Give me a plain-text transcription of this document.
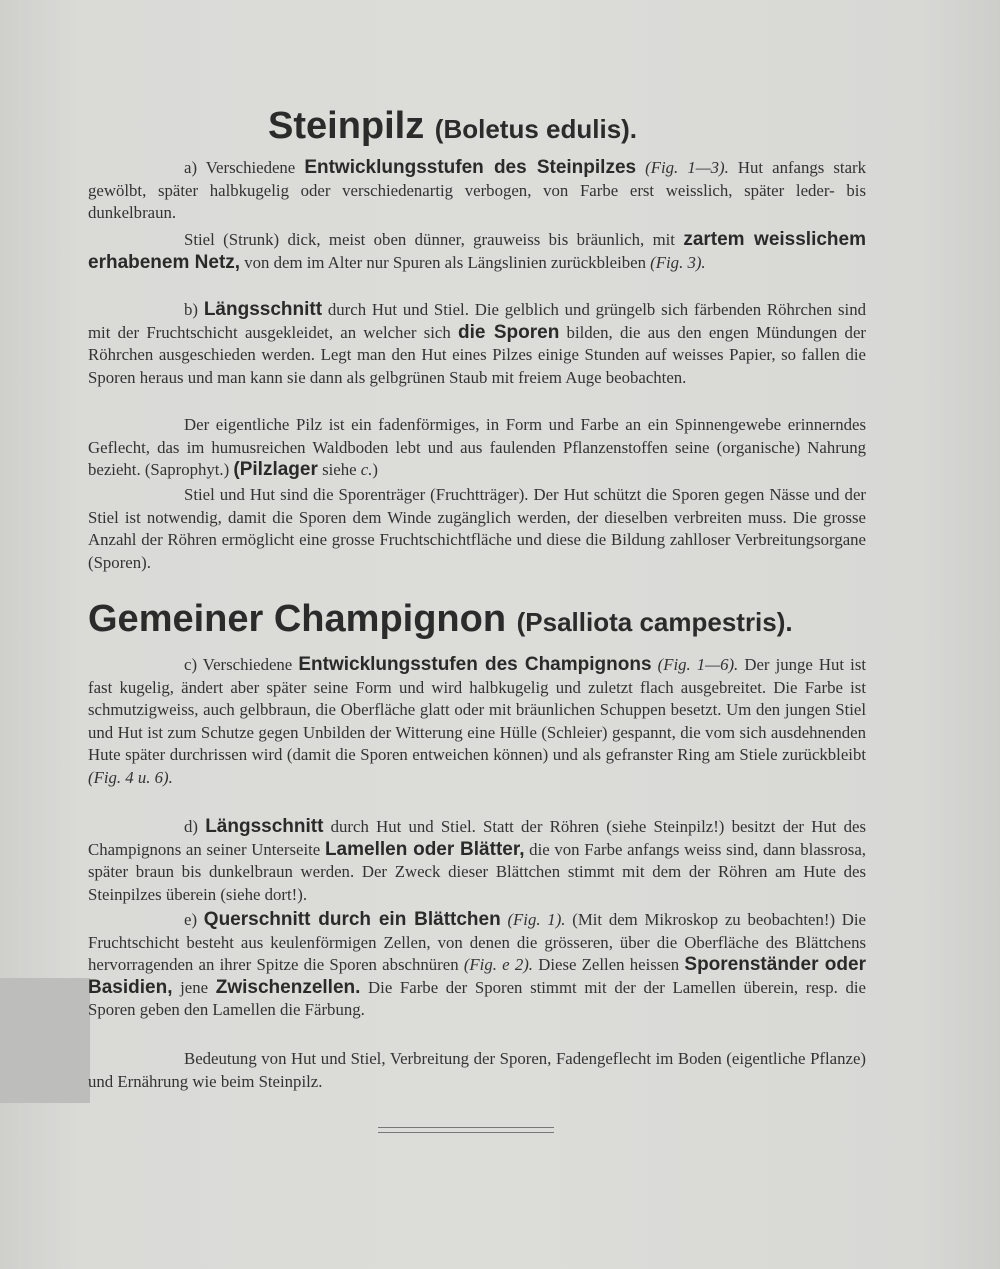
Steinpilz (Boletus edulis).

a) Verschiedene Entwicklungsstufen des Steinpilzes (Fig. 1—3). Hut anfangs stark gewölbt, später halbkugelig oder verschiedenartig verbogen, von Farbe erst weisslich, später leder- bis dunkelbraun.

Stiel (Strunk) dick, meist oben dünner, grauweiss bis bräunlich, mit zartem weisslichem erhabenem Netz, von dem im Alter nur Spuren als Längslinien zurückbleiben (Fig. 3).

b) Längsschnitt durch Hut und Stiel. Die gelblich und grüngelb sich färbenden Röhrchen sind mit der Fruchtschicht ausgekleidet, an welcher sich die Sporen bilden, die aus den engen Mündungen der Röhrchen ausgeschieden werden. Legt man den Hut eines Pilzes einige Stunden auf weisses Papier, so fallen die Sporen heraus und man kann sie dann als gelbgrünen Staub mit freiem Auge beobachten.

Der eigentliche Pilz ist ein fadenförmiges, in Form und Farbe an ein Spinnengewebe erinnerndes Geflecht, das im humusreichen Waldboden lebt und aus faulenden Pflanzenstoffen seine (organische) Nahrung bezieht. (Saprophyt.) (Pilzlager siehe c.)

Stiel und Hut sind die Sporenträger (Fruchtträger). Der Hut schützt die Sporen gegen Nässe und der Stiel ist notwendig, damit die Sporen dem Winde zugänglich werden, der dieselben verbreiten muss. Die grosse Anzahl der Röhren ermöglicht eine grosse Fruchtschichtfläche und diese die Bildung zahlloser Verbreitungsorgane (Sporen).

Gemeiner Champignon (Psalliota campestris).

c) Verschiedene Entwicklungsstufen des Champignons (Fig. 1—6). Der junge Hut ist fast kugelig, ändert aber später seine Form und wird halbkugelig und zuletzt flach ausgebreitet. Die Farbe ist schmutzigweiss, auch gelbbraun, die Oberfläche glatt oder mit bräunlichen Schuppen besetzt. Um den jungen Stiel und Hut ist zum Schutze gegen Unbilden der Witterung eine Hülle (Schleier) gespannt, die vom sich ausdehnenden Hute später durchrissen wird (damit die Sporen entweichen können) und als gefranster Ring am Stiele zurückbleibt (Fig. 4 u. 6).

d) Längsschnitt durch Hut und Stiel. Statt der Röhren (siehe Steinpilz!) besitzt der Hut des Champignons an seiner Unterseite Lamellen oder Blätter, die von Farbe anfangs weiss sind, dann blassrosa, später braun bis dunkelbraun werden. Der Zweck dieser Blättchen stimmt mit dem der Röhren am Hute des Steinpilzes überein (siehe dort!).

e) Querschnitt durch ein Blättchen (Fig. 1). (Mit dem Mikroskop zu beobachten!) Die Fruchtschicht besteht aus keulenförmigen Zellen, von denen die grösseren, über die Oberfläche des Blättchens hervorragenden an ihrer Spitze die Sporen abschnüren (Fig. e 2). Diese Zellen heissen Sporenständer oder Basidien, jene Zwischenzellen. Die Farbe der Sporen stimmt mit der der Lamellen überein, resp. die Sporen geben den Lamellen die Färbung.

Bedeutung von Hut und Stiel, Verbreitung der Sporen, Fadengeflecht im Boden (eigentliche Pflanze) und Ernährung wie beim Steinpilz.
